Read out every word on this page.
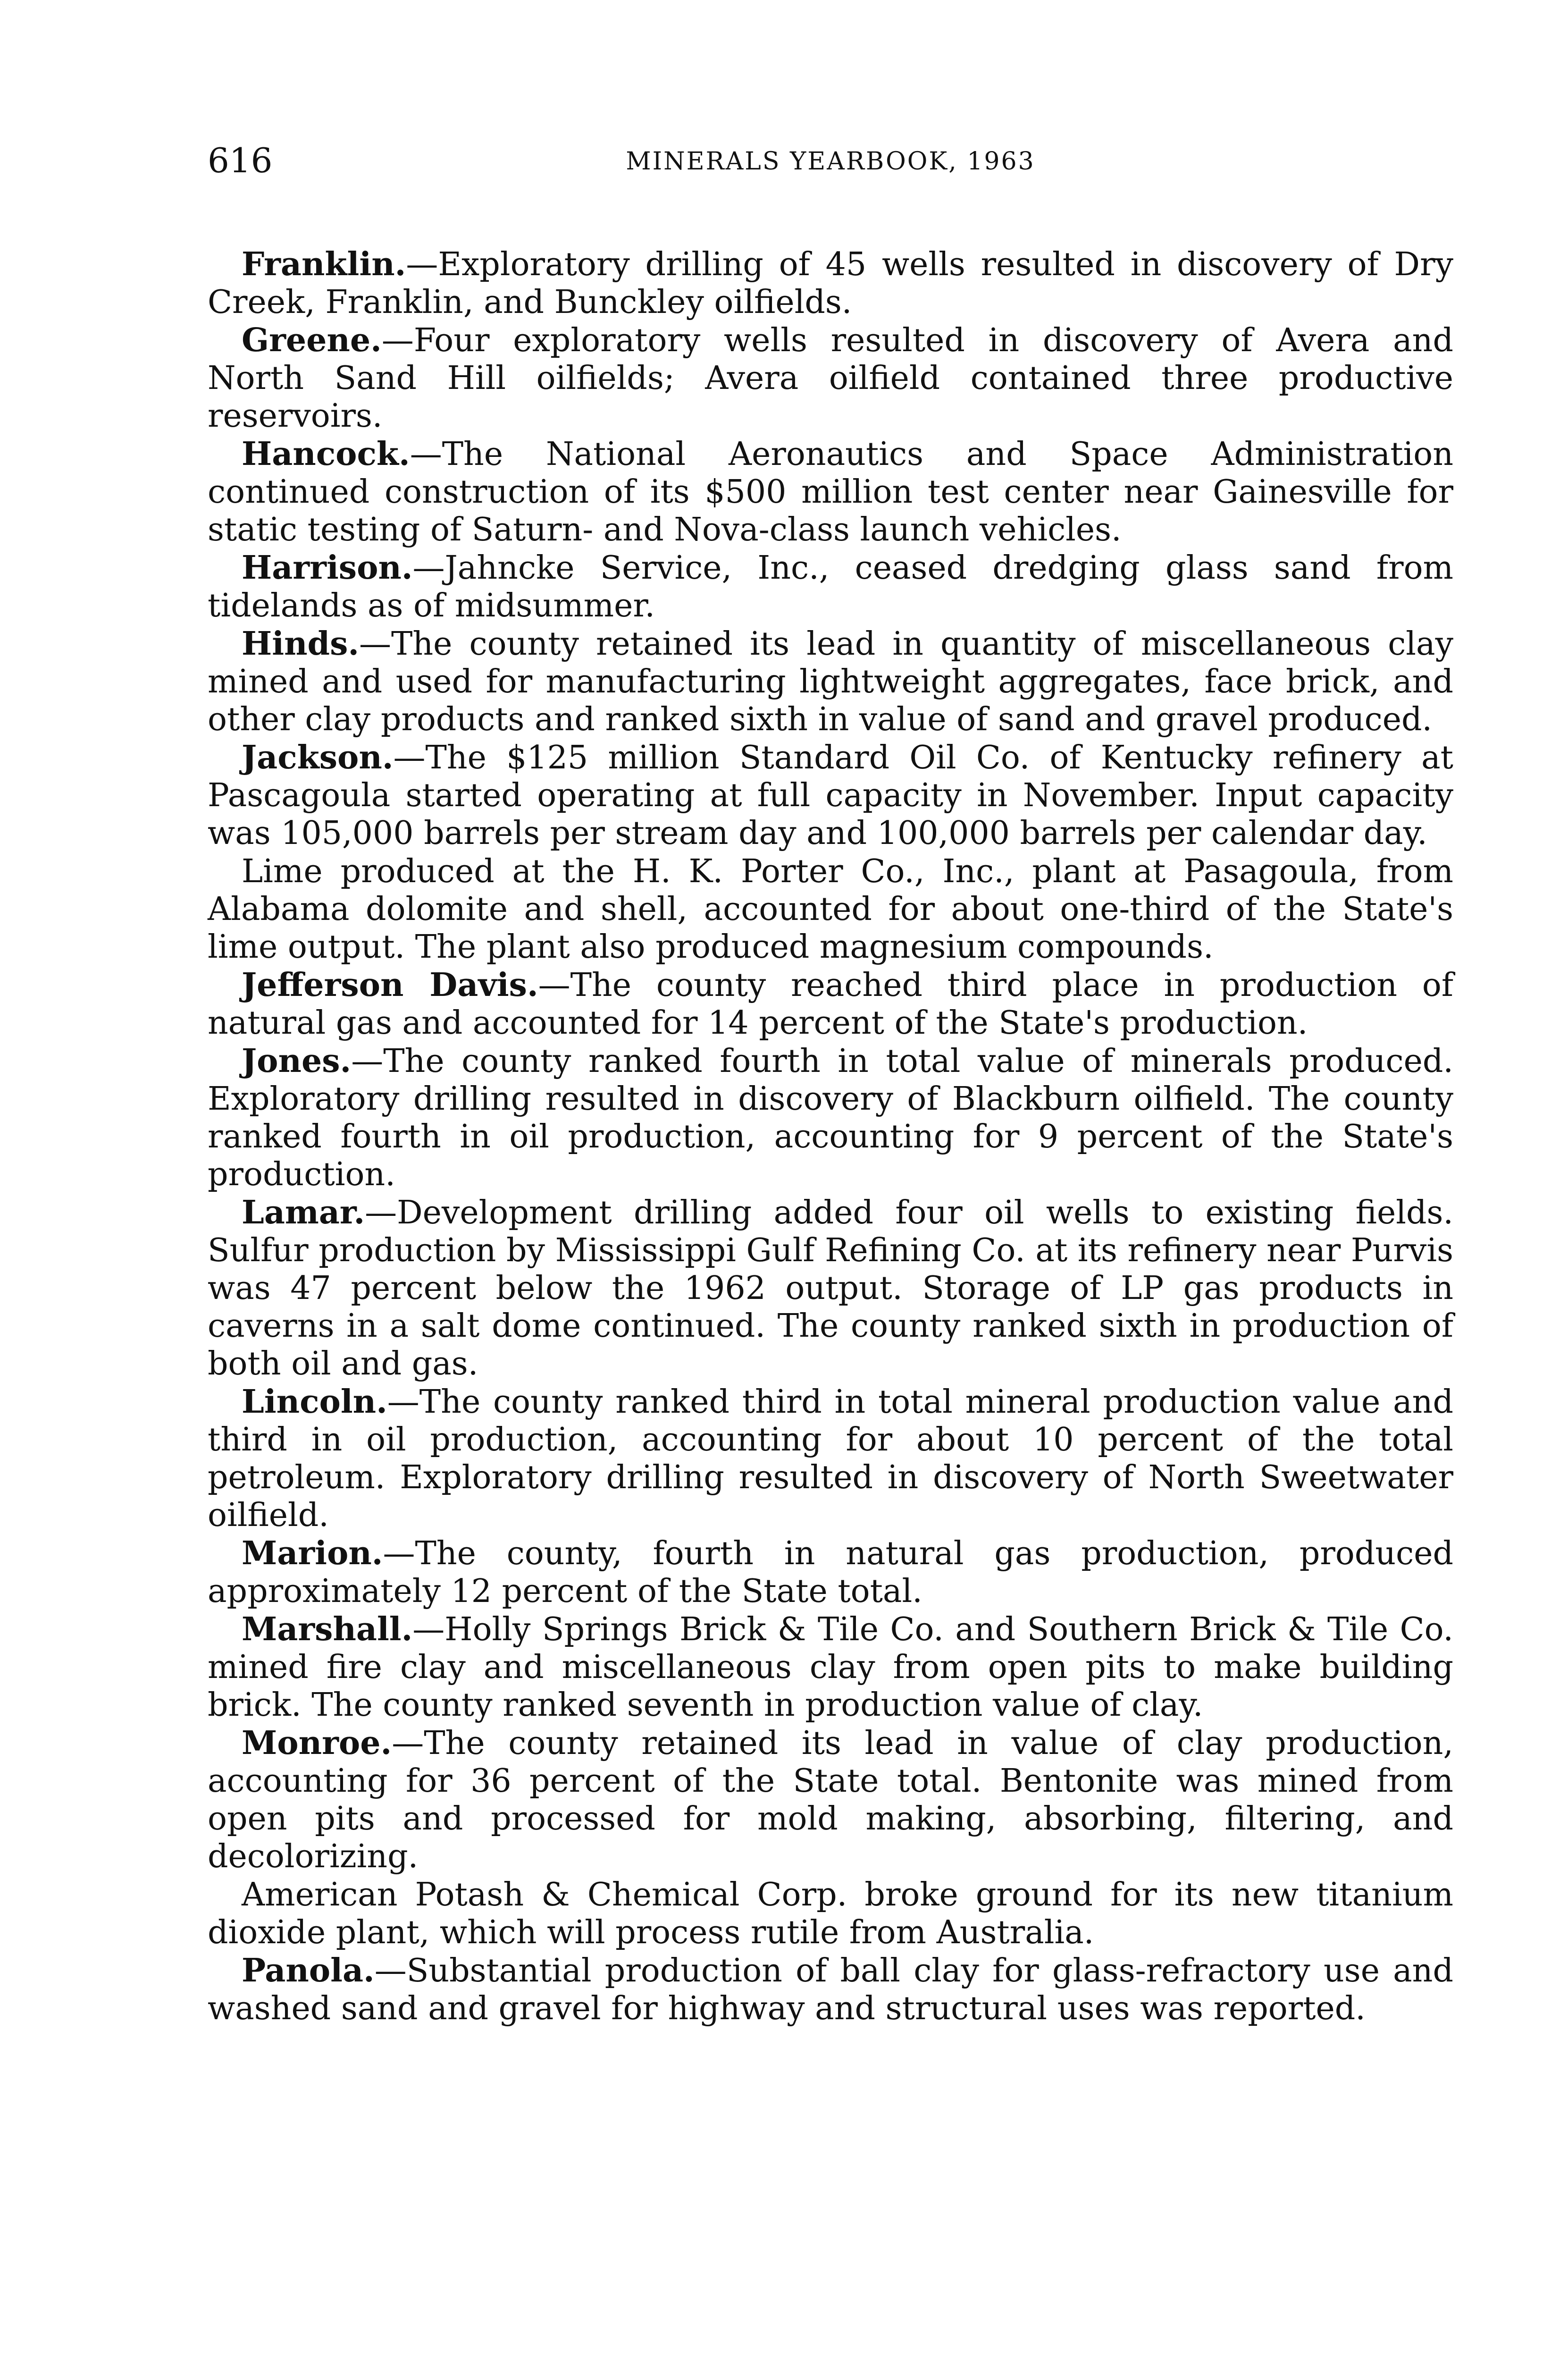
616	MINERALS YEARBOOK, 1963

Franklin.—Exploratory drilling of 45 wells resulted in discovery of Dry Creek, Franklin, and Bunckley oilfields.

Greene.—Four exploratory wells resulted in discovery of Avera and North Sand Hill oilfields; Avera oilfield contained three productive reservoirs.

Hancock.—The National Aeronautics and Space Administration continued construction of its $500 million test center near Gainesville for static testing of Saturn- and Nova-class launch vehicles.

Harrison.—Jahncke Service, Inc., ceased dredging glass sand from tidelands as of midsummer.

Hinds.—The county retained its lead in quantity of miscellaneous clay mined and used for manufacturing lightweight aggregates, face brick, and other clay products and ranked sixth in value of sand and gravel produced.

Jackson.—The $125 million Standard Oil Co. of Kentucky refinery at Pascagoula started operating at full capacity in November. Input capacity was 105,000 barrels per stream day and 100,000 barrels per calendar day.

Lime produced at the H. K. Porter Co., Inc., plant at Pasagoula, from Alabama dolomite and shell, accounted for about one-third of the State's lime output. The plant also produced magnesium compounds.

Jefferson Davis.—The county reached third place in production of natural gas and accounted for 14 percent of the State's production.

Jones.—The county ranked fourth in total value of minerals produced. Exploratory drilling resulted in discovery of Blackburn oilfield. The county ranked fourth in oil production, accounting for 9 percent of the State's production.

Lamar.—Development drilling added four oil wells to existing fields. Sulfur production by Mississippi Gulf Refining Co. at its refinery near Purvis was 47 percent below the 1962 output. Storage of LP gas products in caverns in a salt dome continued. The county ranked sixth in production of both oil and gas.

Lincoln.—The county ranked third in total mineral production value and third in oil production, accounting for about 10 percent of the total petroleum. Exploratory drilling resulted in discovery of North Sweetwater oilfield.

Marion.—The county, fourth in natural gas production, produced approximately 12 percent of the State total.

Marshall.—Holly Springs Brick & Tile Co. and Southern Brick & Tile Co. mined fire clay and miscellaneous clay from open pits to make building brick. The county ranked seventh in production value of clay.

Monroe.—The county retained its lead in value of clay production, accounting for 36 percent of the State total. Bentonite was mined from open pits and processed for mold making, absorbing, filtering, and decolorizing.

American Potash & Chemical Corp. broke ground for its new titanium dioxide plant, which will process rutile from Australia.

Panola.—Substantial production of ball clay for glass-refractory use and washed sand and gravel for highway and structural uses was reported.
